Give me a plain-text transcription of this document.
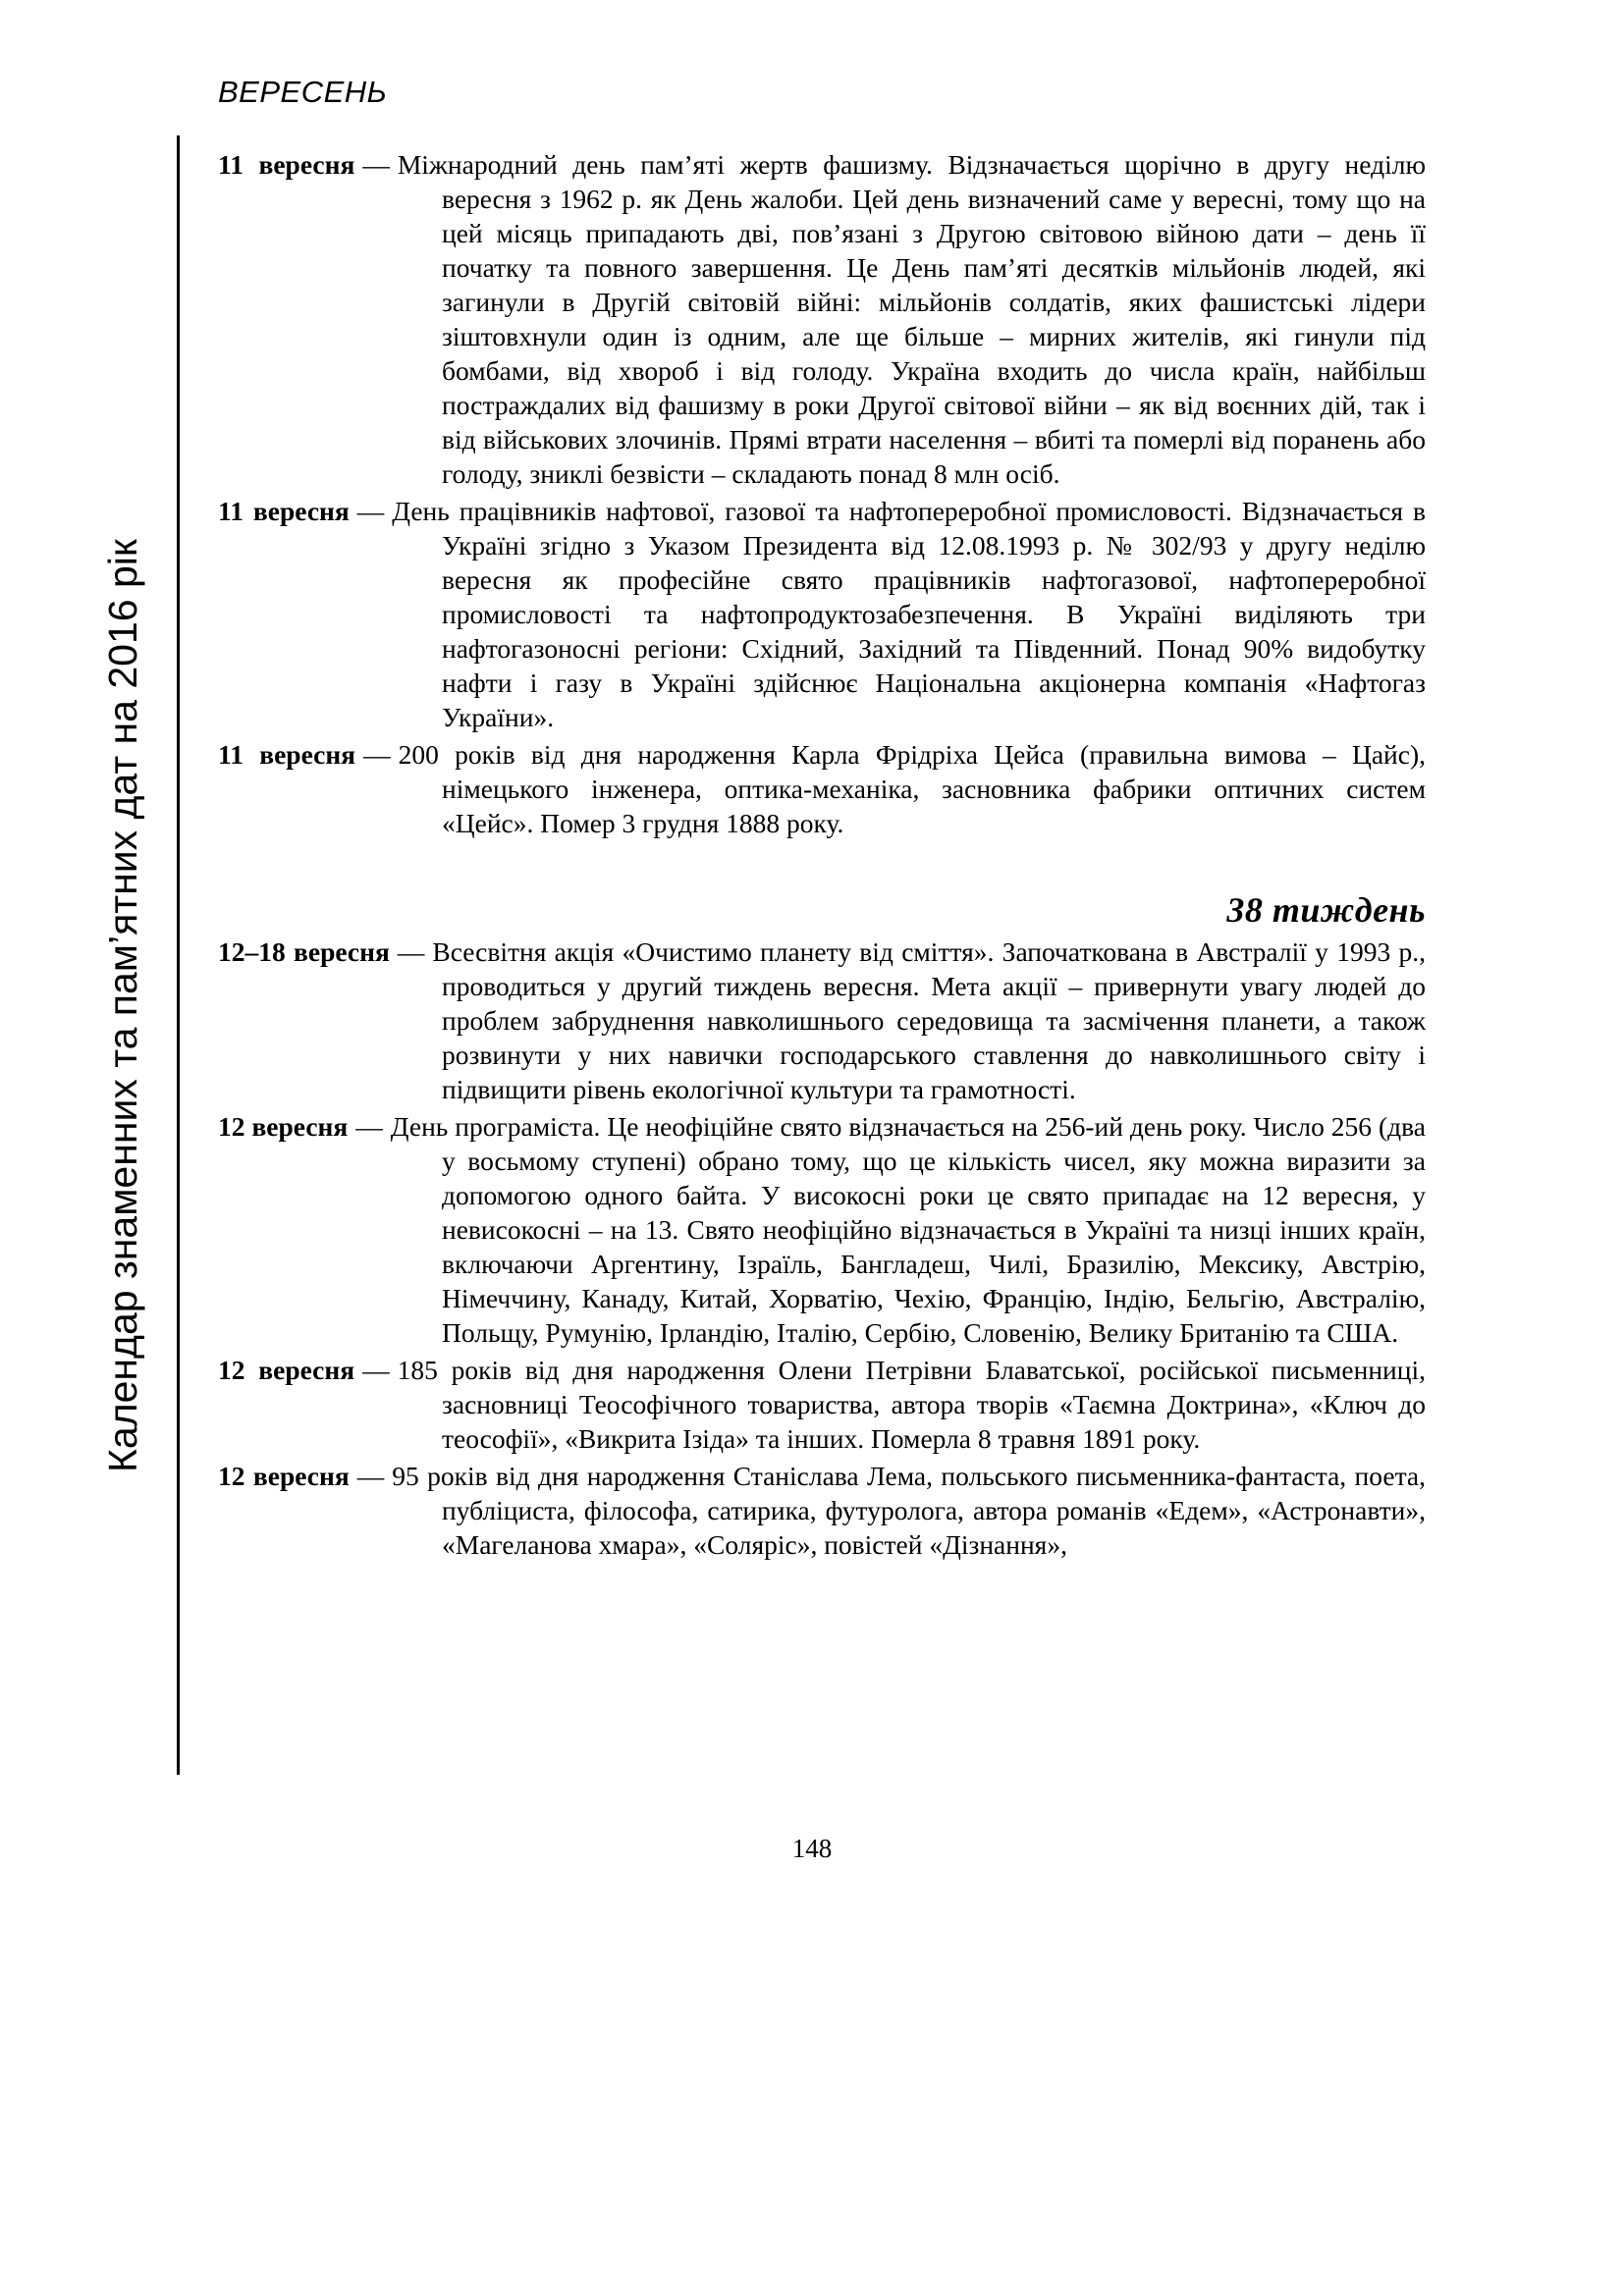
ВЕРЕСЕНЬ
Календар знаменних та пам’ятних дат на 2016 рік
11 вересня — Міжнародний день пам’яті жертв фашизму. Відзначається щорічно в другу неділю вересня з 1962 р. як День жалоби. Цей день визначений саме у вересні, тому що на цей місяць припадають дві, пов’язані з Другою світовою війною дати – день її початку та повного завершення. Це День пам’яті десятків мільйонів людей, які загинули в Другій світовій війні: мільйонів солдатів, яких фашистські лідери зіштовхнули один із одним, але ще більше – мирних жителів, які гинули під бомбами, від хвороб і від голоду. Україна входить до числа країн, найбільш постраждалих від фашизму в роки Другої світової війни – як від воєнних дій, так і від військових злочинів. Прямі втрати населення – вбиті та померлі від поранень або голоду, зниклі безвісти – складають понад 8 млн осіб.
11 вересня — День працівників нафтової, газової та нафтопереробної промисловості. Відзначається в Україні згідно з Указом Президента від 12.08.1993 р. № 302/93 у другу неділю вересня як професійне свято працівників нафтогазової, нафтопереробної промисловості та нафтопродуктозабезпечення. В Україні виділяють три нафтогазоносні регіони: Східний, Західний та Південний. Понад 90% видобутку нафти і газу в Україні здійснює Національна акціонерна компанія «Нафтогаз України».
11 вересня — 200 років від дня народження Карла Фрідріха Цейса (правильна вимова – Цайс), німецького інженера, оптика-механіка, засновника фабрики оптичних систем «Цейс». Помер 3 грудня 1888 року.
38 тиждень
12–18 вересня — Всесвітня акція «Очистимо планету від сміття». Започаткована в Австралії у 1993 р., проводиться у другий тиждень вересня. Мета акції – привернути увагу людей до проблем забруднення навколишнього середовища та засмічення планети, а також розвинути у них навички господарського ставлення до навколишнього світу і підвищити рівень екологічної культури та грамотності.
12 вересня — День програміста. Це неофіційне свято відзначається на 256-ий день року. Число 256 (два у восьмому ступені) обрано тому, що це кількість чисел, яку можна виразити за допомогою одного байта. У високосні роки це свято припадає на 12 вересня, у невисокосні – на 13. Свято неофіційно відзначається в Україні та низці інших країн, включаючи Аргентину, Ізраїль, Бангладеш, Чилі, Бразилію, Мексику, Австрію, Німеччину, Канаду, Китай, Хорватію, Чехію, Францію, Індію, Бельгію, Австралію, Польщу, Румунію, Ірландію, Італію, Сербію, Словенію, Велику Британію та США.
12 вересня — 185 років від дня народження Олени Петрівни Блаватської, російської письменниці, засновниці Теософічного товариства, автора творів «Таємна Доктрина», «Ключ до теософії», «Викрита Ізіда» та інших. Померла 8 травня 1891 року.
12 вересня — 95 років від дня народження Станіслава Лема, польського письменника-фантаста, поета, публіциста, філософа, сатирика, футуролога, автора романів «Едем», «Астронавти», «Магеланова хмара», «Соляріс», повістей «Дізнання»,
148
